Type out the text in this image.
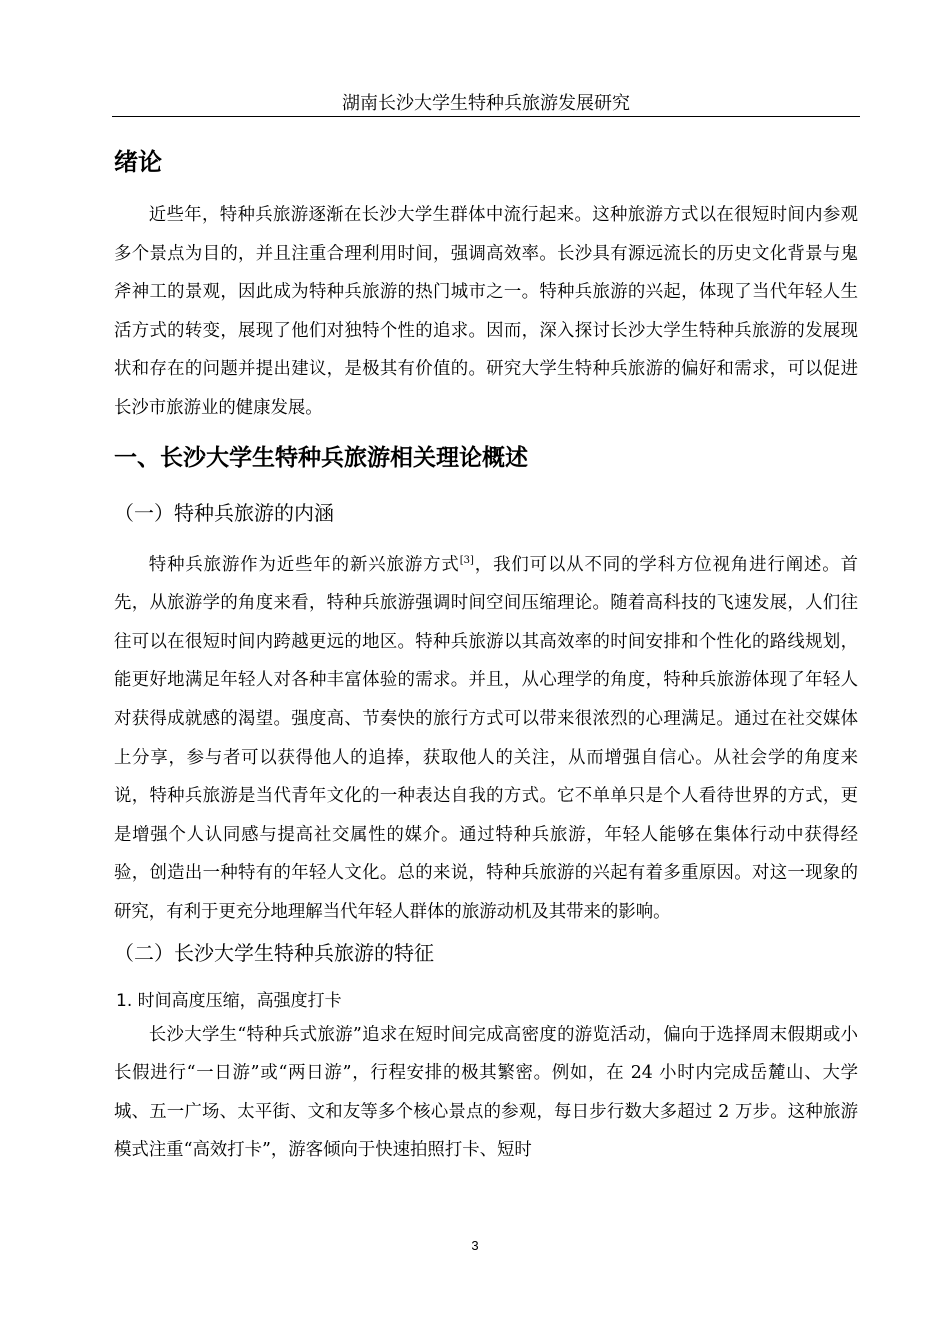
湖南长沙大学生特种兵旅游发展研究
绪论

近些年，特种兵旅游逐渐在长沙大学生群体中流行起来。这种旅游方式以在很短时间内参观多个景点为目的，并且注重合理利用时间，强调高效率。长沙具有源远流长的历史文化背景与鬼斧神工的景观，因此成为特种兵旅游的热门城市之一。特种兵旅游的兴起，体现了当代年轻人生活方式的转变，展现了他们对独特个性的追求。因而，深入探讨长沙大学生特种兵旅游的发展现状和存在的问题并提出建议，是极其有价值的。研究大学生特种兵旅游的偏好和需求，可以促进长沙市旅游业的健康发展。

一、长沙大学生特种兵旅游相关理论概述
（一）特种兵旅游的内涵

特种兵旅游作为近些年的新兴旅游方式[3]，我们可以从不同的学科方位视角进行阐述。首先，从旅游学的角度来看，特种兵旅游强调时间空间压缩理论。随着高科技的飞速发展，人们往往可以在很短时间内跨越更远的地区。特种兵旅游以其高效率的时间安排和个性化的路线规划，能更好地满足年轻人对各种丰富体验的需求。并且，从心理学的角度，特种兵旅游体现了年轻人对获得成就感的渴望。强度高、节奏快的旅行方式可以带来很浓烈的心理满足。通过在社交媒体上分享，参与者可以获得他人的追捧，获取他人的关注，从而增强自信心。从社会学的角度来说，特种兵旅游是当代青年文化的一种表达自我的方式。它不单单只是个人看待世界的方式，更是增强个人认同感与提高社交属性的媒介。通过特种兵旅游，年轻人能够在集体行动中获得经验，创造出一种特有的年轻人文化。总的来说，特种兵旅游的兴起有着多重原因。对这一现象的研究，有利于更充分地理解当代年轻人群体的旅游动机及其带来的影响。

（二）长沙大学生特种兵旅游的特征
1. 时间高度压缩，高强度打卡

长沙大学生“特种兵式旅游”追求在短时间完成高密度的游览活动，偏向于选择周末假期或小长假进行“一日游”或“两日游”，行程安排的极其繁密。例如，在 24 小时内完成岳麓山、大学城、五一广场、太平街、文和友等多个核心景点的参观，每日步行数大多超过 2 万步。这种旅游模式注重“高效打卡”，游客倾向于快速拍照打卡、短时

3
